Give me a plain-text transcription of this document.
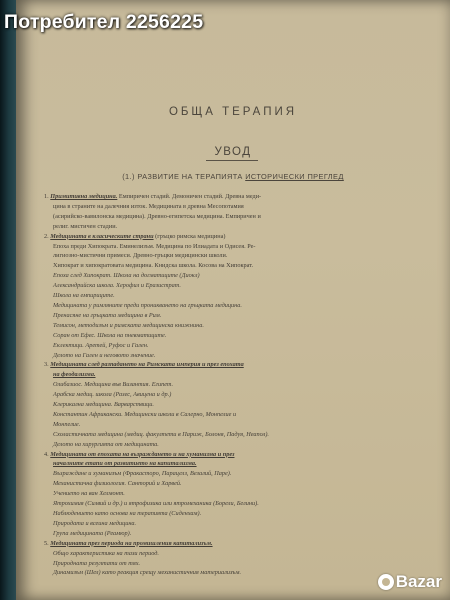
ОБЩА ТЕРАПИЯ
УВОД
(1.) РАЗВИТИЕ НА ТЕРАПИЯТА ИСТОРИЧЕСКИ ПРЕГЛЕД
1. Примитивна медицина. Емпиричен стадий. Демоничен стадий. Древна меди-
цина в страните на далечния изток. Медицината в древна Месопотамия
(асирийско-вавилонска медицина). Древно-египетска медицина. Емпиричен и
религ. мистичен стадии.
2. Медицината в класическите страни (гръцко римска медицина)
Епоха преди Хипократа. Еминелизъм. Медицина по Илиадата и Одисея. Ре-
лигиозно-мистични примеси. Древно-гръцки медицински школи.
Хипократ и хипократовата медицина. Книдска школа. Косова на Хипократ.
Епоха след Хипократ. Школа на догматиците (Диокл)
Александрийска школа. Херофил и Еразистрат.
Школа на емпириците.
Медицината у римляните преди проникването на гръцката медицина.
Пренасяне на гръцката медицина в Рим.
Темисон, методизъм и римската медицинска книжнина.
Соран от Ефес. Школа на пневматиците.
Еклектици. Аретей, Руфос и Гален.
Делото на Гален и неговото значение.
3. Медицината след разпадането на Римската империя и през епохата
на феодализма.
Олибазиос. Медицина във Византия. Египет.
Арабска медиц. школа (Разес, Авицена и др.)
Клерикална медицина. Варварствици.
Константин Африкански. Медицински школи в Салерно, Монпелие и
Монпелие.
Схоластичната медицина (медиц. факултети в Париж, Болоня, Падуя, Неапол).
Делото на хирургията от медицината.
4. Медицината от епохата на възраждането и на хуманизма и през
началните етапи от развитието на капитализма.
Възраждане и хуманизъм (Фракасторо, Парацелз, Везалий, Паре).
Механистична физиология. Санторий и Харвей.
Учението на ван Хелмонт.
Ятрохимия (Силвий и др.) и ятрофизика или ятромеханика (Борели, Белини).
Наблюдението като основа на терапията (Сиденхам).
Природата и всеина медицина.
Група медицината (Реамюр).
5. Медицината през периода на промишления капитализъм.
Общо характеристика на тази период.
Природната резултати от тях.
Динамизъм (Шел) като реакция срещу механистичния материализъм.	Bazar
Потребител 2256225
